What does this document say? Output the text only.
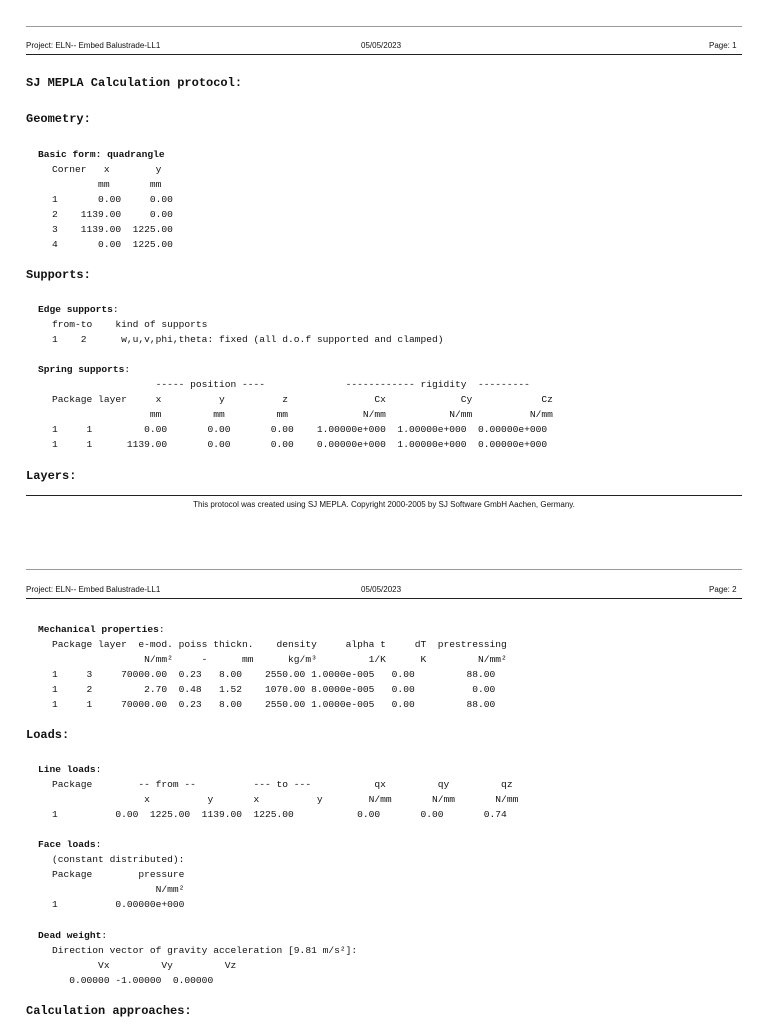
Project: ELN-- Embed Balustrade-LL1	05/05/2023	Page: 1
SJ MEPLA Calculation protocol:
Geometry:
Basic form: quadrangle
Corner   x        y
mm       mm
1       0.00     0.00
2    1139.00     0.00
3    1139.00  1225.00
4       0.00  1225.00
Supports:
Edge supports:
from-to    kind of supports
1    2      w,u,v,phi,theta: fixed (all d.o.f supported and clamped)
Spring supports:
----- position ----              ------------ rigidity  ---------
Package layer     x          y          z               Cx             Cy            Cz
mm         mm         mm             N/mm           N/mm          N/mm
1     1         0.00       0.00       0.00    1.00000e+000  1.00000e+000  0.00000e+000
1     1      1139.00       0.00       0.00    0.00000e+000  1.00000e+000  0.00000e+000
Layers:
This protocol was created using SJ MEPLA. Copyright 2000-2005 by SJ Software GmbH Aachen, Germany.
Project: ELN-- Embed Balustrade-LL1	05/05/2023	Page: 2
Mechanical properties:
Package layer  e-mod. poiss thickn.    density     alpha t     dT  prestressing
N/mm²     -      mm      kg/m³         1/K      K         N/mm²
1     3     70000.00  0.23   8.00    2550.00 1.0000e-005   0.00         88.00
1     2         2.70  0.48   1.52    1070.00 8.0000e-005   0.00          0.00
1     1     70000.00  0.23   8.00    2550.00 1.0000e-005   0.00         88.00
Loads:
Line loads:
Package        -- from --          --- to ---           qx         qy         qz
x          y       x          y        N/mm       N/mm       N/mm
1          0.00  1225.00  1139.00  1225.00           0.00       0.00       0.74
Face loads:
(constant distributed):
Package        pressure
N/mm²
1          0.00000e+000
Dead weight:
Direction vector of gravity acceleration [9.81 m/s²]:
Vx         Vy         Vz
0.00000 -1.00000  0.00000
Calculation approaches:
